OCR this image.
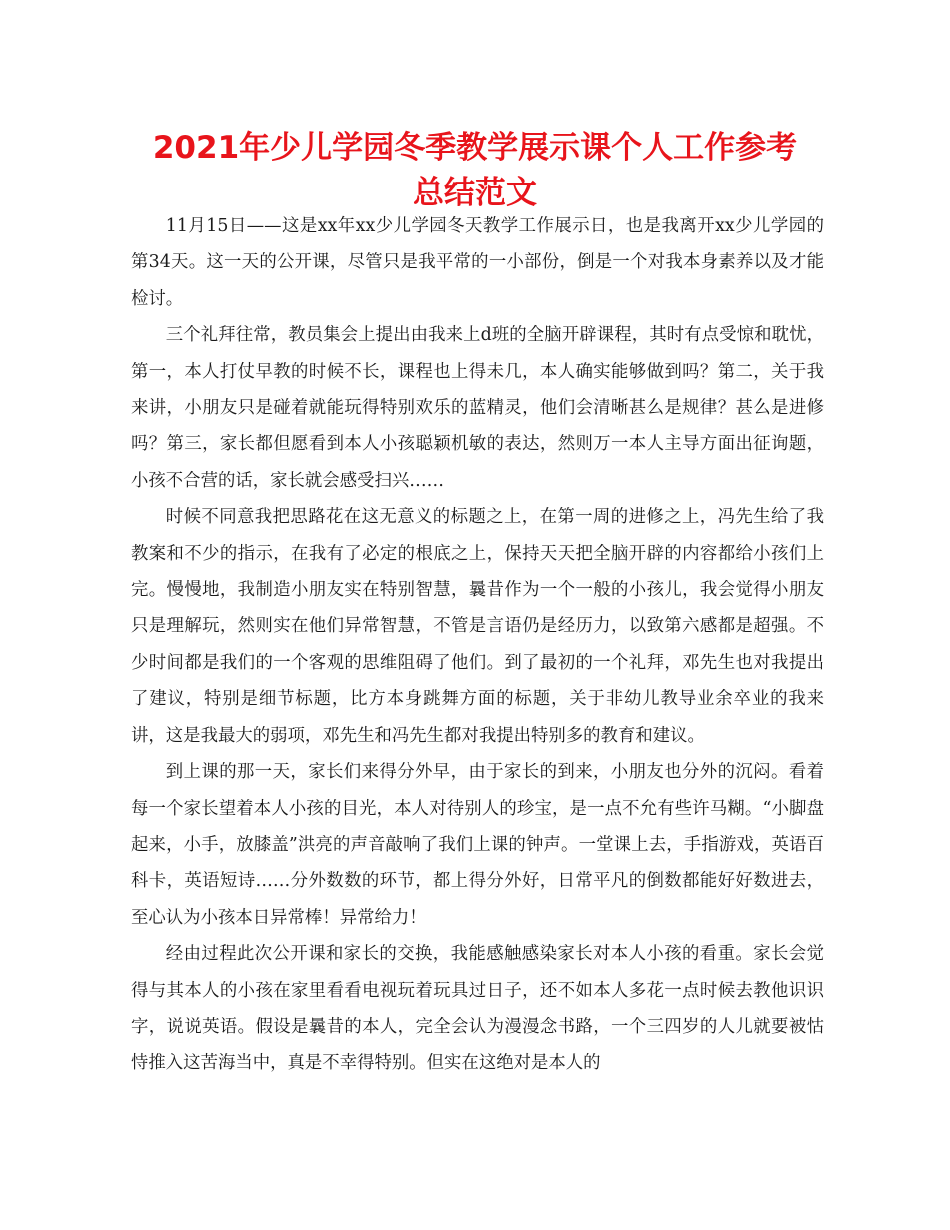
2021年少儿学园冬季教学展示课个人工作参考
总结范文

11月15日——这是xx年xx少儿学园冬天教学工作展示日，也是我离开xx少儿学园的第34天。这一天的公开课，尽管只是我平常的一小部份，倒是一个对我本身素养以及才能检讨。

三个礼拜往常，教员集会上提出由我来上d班的全脑开辟课程，其时有点受惊和耽忧，第一，本人打仗早教的时候不长，课程也上得未几，本人确实能够做到吗？第二，关于我来讲，小朋友只是碰着就能玩得特别欢乐的蓝精灵，他们会清晰甚么是规律？甚么是进修吗？第三，家长都但愿看到本人小孩聪颖机敏的表达，然则万一本人主导方面出征询题，小孩不合营的话，家长就会感受扫兴……

时候不同意我把思路花在这无意义的标题之上，在第一周的进修之上，冯先生给了我教案和不少的指示，在我有了必定的根底之上，保持天天把全脑开辟的内容都给小孩们上完。慢慢地，我制造小朋友实在特别智慧，曩昔作为一个一般的小孩儿，我会觉得小朋友只是理解玩，然则实在他们异常智慧，不管是言语仍是经历力，以致第六感都是超强。不少时间都是我们的一个客观的思维阻碍了他们。到了最初的一个礼拜，邓先生也对我提出了建议，特别是细节标题，比方本身跳舞方面的标题，关于非幼儿教导业余卒业的我来讲，这是我最大的弱项，邓先生和冯先生都对我提出特别多的教育和建议。

到上课的那一天，家长们来得分外早，由于家长的到来，小朋友也分外的沉闷。看着每一个家长望着本人小孩的目光，本人对待别人的珍宝，是一点不允有些许马糊。“小脚盘起来，小手，放膝盖”洪亮的声音敲响了我们上课的钟声。一堂课上去，手指游戏，英语百科卡，英语短诗……分外数数的环节，都上得分外好，日常平凡的倒数都能好好数进去，至心认为小孩本日异常棒！异常给力！

经由过程此次公开课和家长的交换，我能感触感染家长对本人小孩的看重。家长会觉得与其本人的小孩在家里看看电视玩着玩具过日子，还不如本人多花一点时候去教他识识字，说说英语。假设是曩昔的本人，完全会认为漫漫念书路，一个三四岁的人儿就要被怙恃推入这苦海当中，真是不幸得特别。但实在这绝对是本人的
